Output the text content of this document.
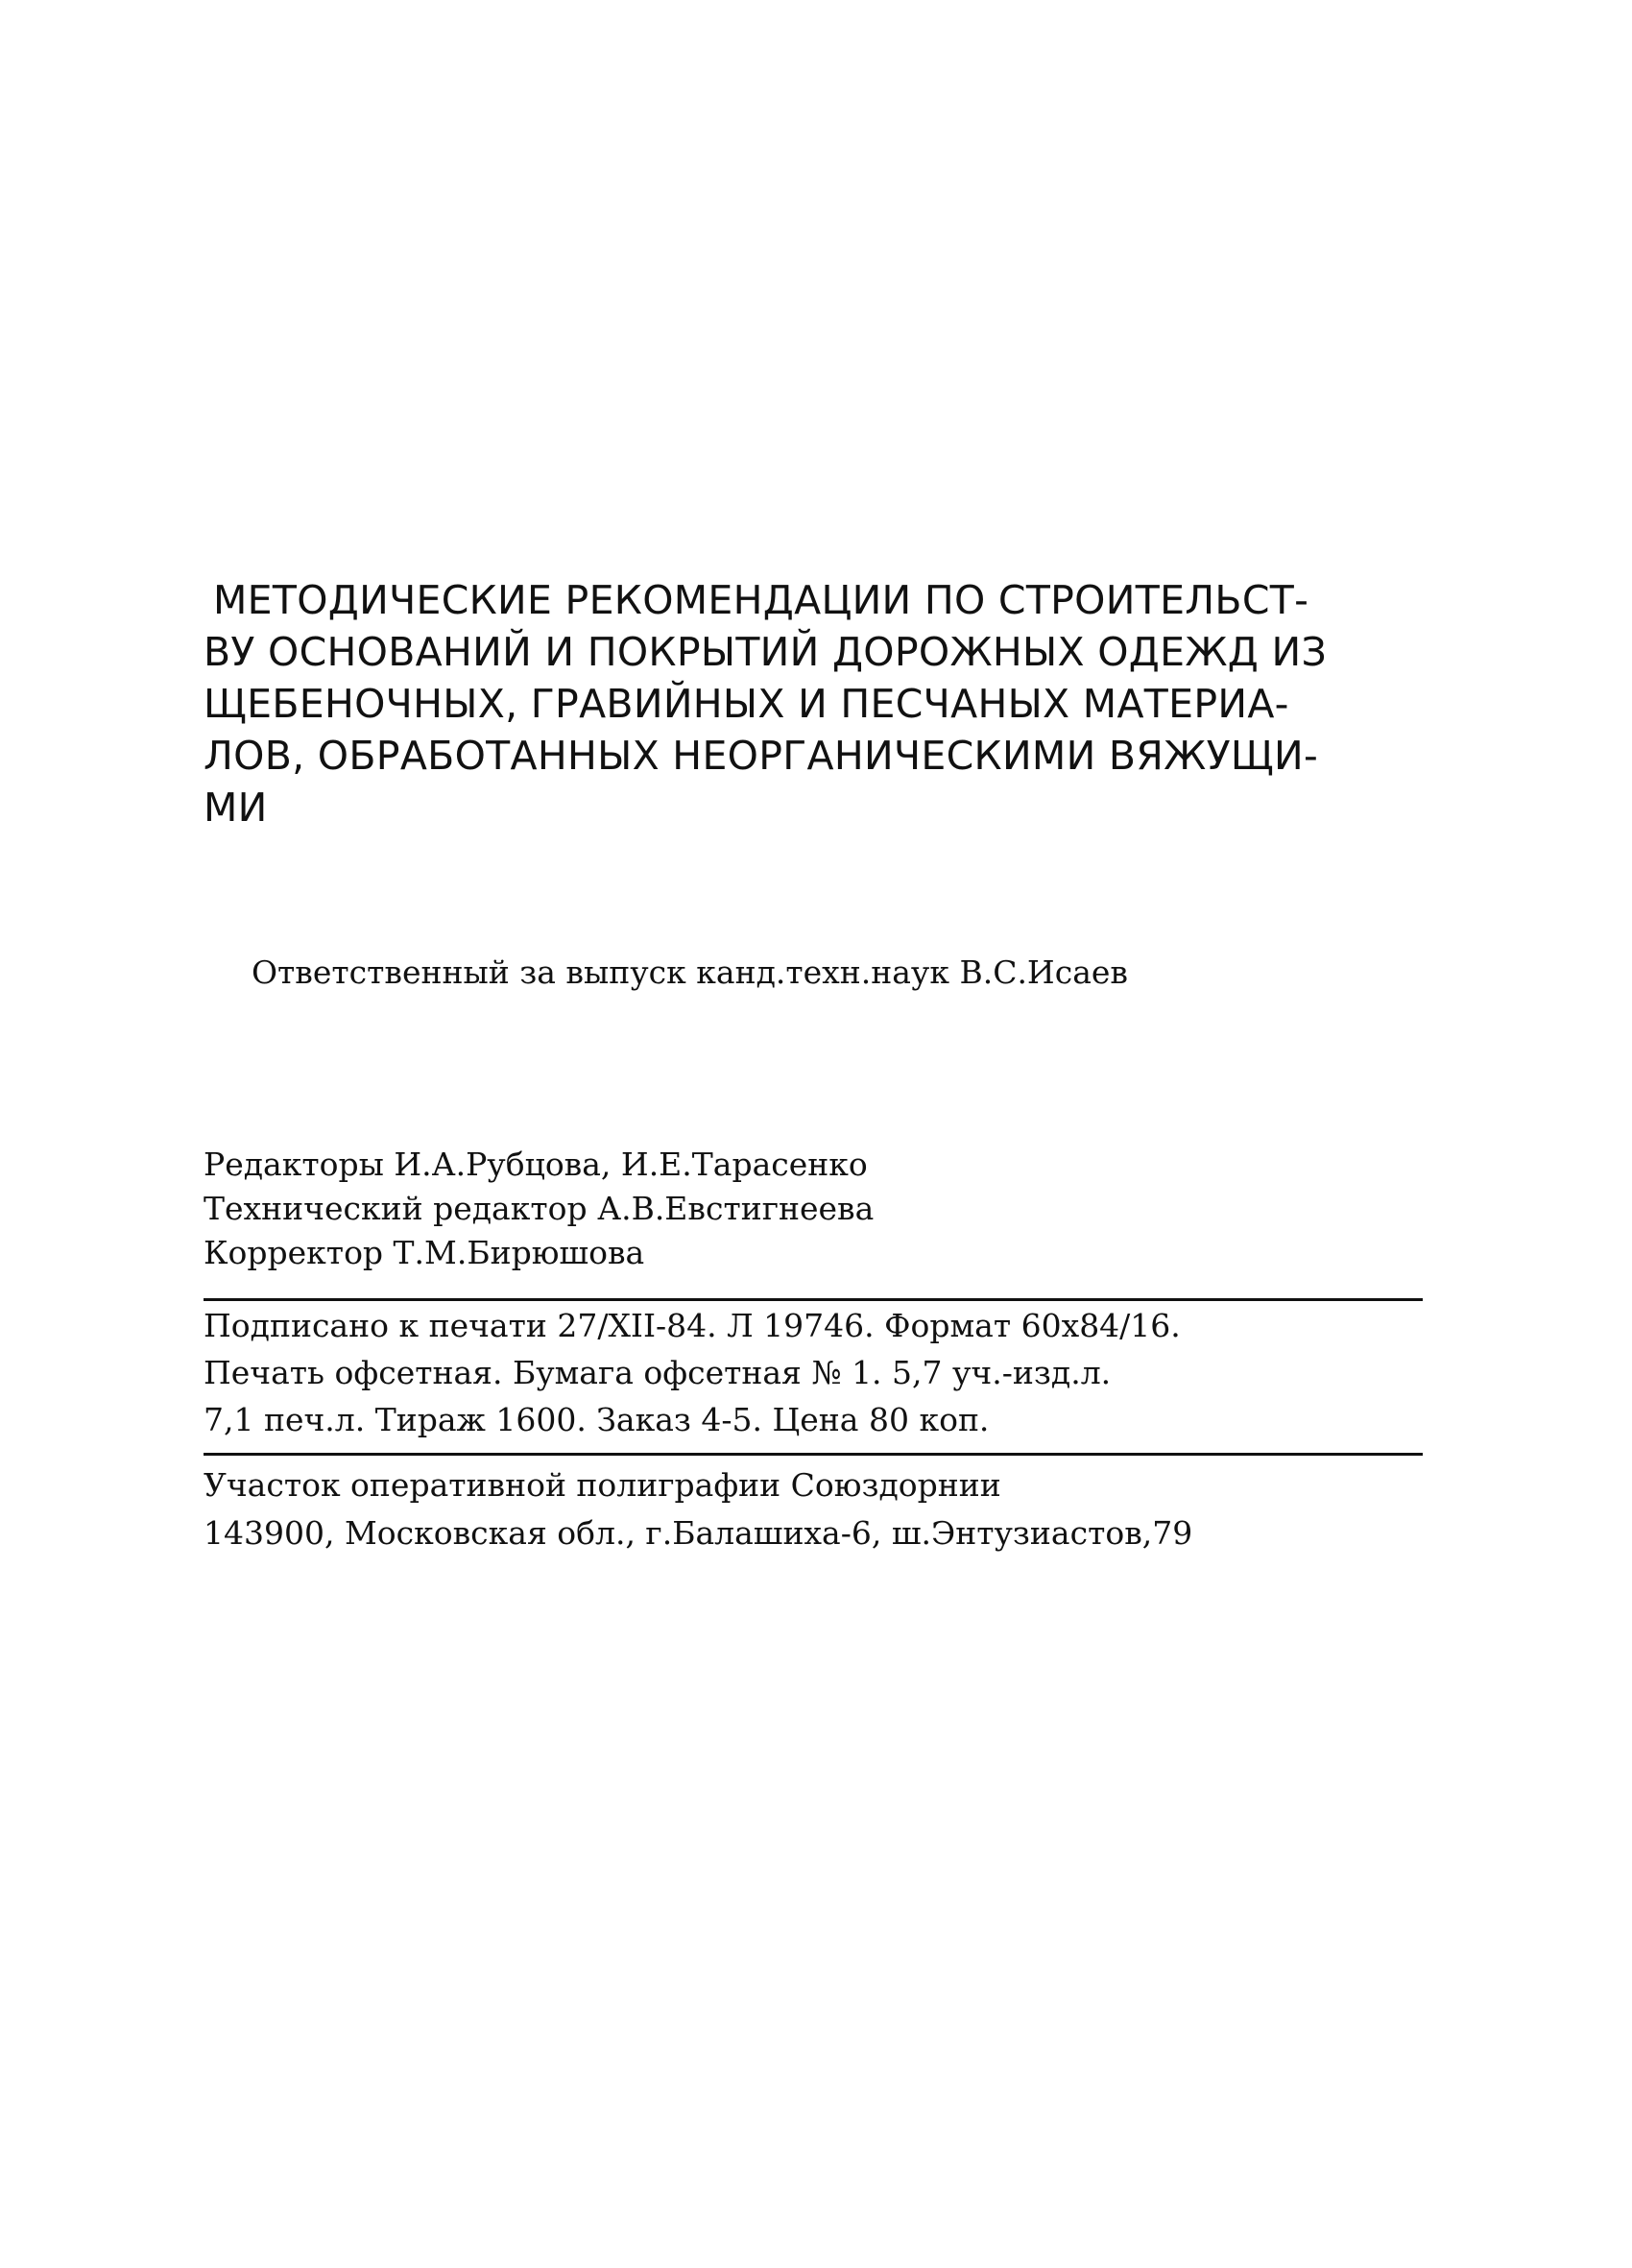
МЕТОДИЧЕСКИЕ РЕКОМЕНДАЦИИ ПО СТРОИТЕЛЬСТ-
ВУ ОСНОВАНИЙ И ПОКРЫТИЙ ДОРОЖНЫХ ОДЕЖД ИЗ
ЩЕБЕНОЧНЫХ, ГРАВИЙНЫХ И ПЕСЧАНЫХ МАТЕРИА-
ЛОВ, ОБРАБОТАННЫХ НЕОРГАНИЧЕСКИМИ ВЯЖУЩИ-
МИ
Ответственный за выпуск канд.техн.наук В.С.Исаев
Редакторы И.А.Рубцова, И.Е.Тарасенко
Технический редактор А.В.Евстигнеева
Корректор Т.М.Бирюшова
Подписано к печати 27/XII-84. Л 19746. Формат 60x84/16.
Печать офсетная. Бумага офсетная № 1. 5,7 уч.-изд.л.
7,1 печ.л. Тираж 1600. Заказ 4-5. Цена 80 коп.
Участок оперативной полиграфии Союздорнии
143900, Московская обл., г.Балашиха-6, ш.Энтузиастов,79
